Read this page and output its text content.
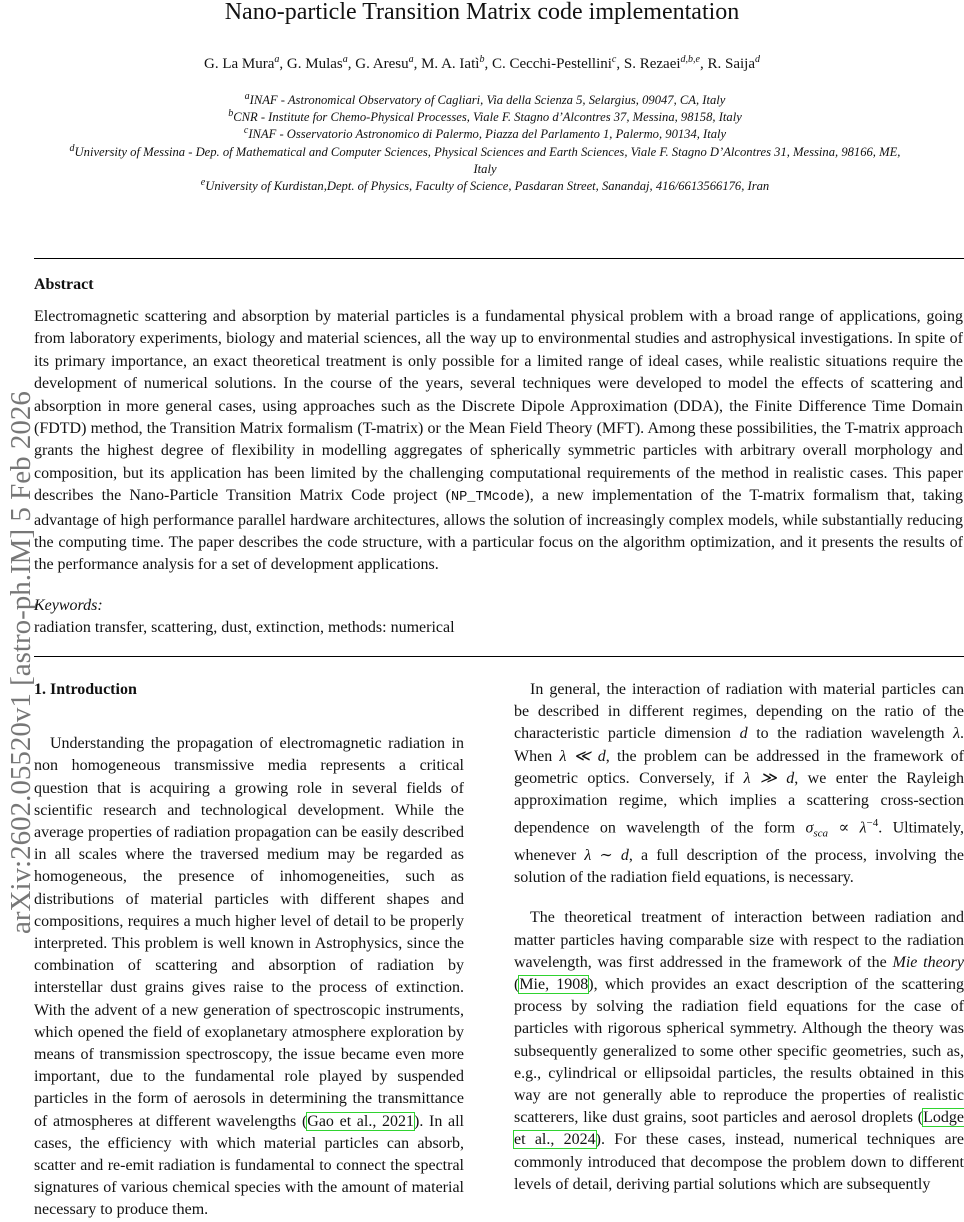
Nano-particle Transition Matrix code implementation
G. La Mura$^a$, G. Mulas$^a$, G. Aresu$^a$, M. A. Iatì$^b$, C. Cecchi-Pestellini$^c$, S. Rezaei$^{d,b,e}$, R. Saija$^d$
$^a$INAF - Astronomical Observatory of Cagliari, Via della Scienza 5, Selargius, 09047, CA, Italy
$^b$CNR - Institute for Chemo-Physical Processes, Viale F. Stagno d’Alcontres 37, Messina, 98158, Italy
$^c$INAF - Osservatorio Astronomico di Palermo, Piazza del Parlamento 1, Palermo, 90134, Italy
$^d$University of Messina - Dep. of Mathematical and Computer Sciences, Physical Sciences and Earth Sciences, Viale F. Stagno D’Alcontres 31, Messina, 98166, ME, Italy
$^e$University of Kurdistan,Dept. of Physics, Faculty of Science, Pasdaran Street, Sanandaj, 416/6613566176, Iran
arXiv:2602.05520v1 [astro-ph.IM] 5 Feb 2026
Abstract
Electromagnetic scattering and absorption by material particles is a fundamental physical problem with a broad range of applications, going from laboratory experiments, biology and material sciences, all the way up to environmental studies and astrophysical investigations. In spite of its primary importance, an exact theoretical treatment is only possible for a limited range of ideal cases, while realistic situations require the development of numerical solutions. In the course of the years, several techniques were developed to model the effects of scattering and absorption in more general cases, using approaches such as the Discrete Dipole Approximation (DDA), the Finite Difference Time Domain (FDTD) method, the Transition Matrix formalism (T-matrix) or the Mean Field Theory (MFT). Among these possibilities, the T-matrix approach grants the highest degree of flexibility in modelling aggregates of spherically symmetric particles with arbitrary overall morphology and composition, but its application has been limited by the challenging computational requirements of the method in realistic cases. This paper describes the Nano-Particle Transition Matrix Code project (NP_TMcode), a new implementation of the T-matrix formalism that, taking advantage of high performance parallel hardware architectures, allows the solution of increasingly complex models, while substantially reducing the computing time. The paper describes the code structure, with a particular focus on the algorithm optimization, and it presents the results of the performance analysis for a set of development applications.
Keywords:
radiation transfer, scattering, dust, extinction, methods: numerical
1. Introduction

Understanding the propagation of electromagnetic radiation in non homogeneous transmissive media represents a critical question that is acquiring a growing role in several fields of scientific research and technological development. While the average properties of radiation propagation can be easily described in all scales where the traversed medium may be regarded as homogeneous, the presence of inhomogeneities, such as distributions of material particles with different shapes and compositions, requires a much higher level of detail to be properly interpreted. This problem is well known in Astrophysics, since the combination of scattering and absorption of radiation by interstellar dust grains gives raise to the process of extinction. With the advent of a new generation of spectroscopic instruments, which opened the field of exoplanetary atmosphere exploration by means of transmission spectroscopy, the issue became even more important, due to the fundamental role played by suspended particles in the form of aerosols in determining the transmittance of atmospheres at different wavelengths (Gao et al., 2021). In all cases, the efficiency with which material particles can absorb, scatter and re-emit radiation is fundamental to connect the spectral signatures of various chemical species with the amount of material necessary to produce them.

In general, the interaction of radiation with material particles can be described in different regimes, depending on the ratio of the characteristic particle dimension d to the radiation wavelength λ. When λ ≪ d, the problem can be addressed in the framework of geometric optics. Conversely, if λ ≫ d, we enter the Rayleigh approximation regime, which implies a scattering cross-section dependence on wavelength of the form $\sigma_{sca} \propto \lambda^{-4}$. Ultimately, whenever λ ∼ d, a full description of the process, involving the solution of the radiation field equations, is necessary.

The theoretical treatment of interaction between radiation and matter particles having comparable size with respect to the radiation wavelength, was first addressed in the framework of the Mie theory (Mie, 1908), which provides an exact description of the scattering process by solving the radiation field equations for the case of particles with rigorous spherical symmetry. Although the theory was subsequently generalized to some other specific geometries, such as, e.g., cylindrical or ellipsoidal particles, the results obtained in this way are not generally able to reproduce the properties of realistic scatterers, like dust grains, soot particles and aerosol droplets (Lodge et al., 2024). For these cases, instead, numerical techniques are commonly introduced that decompose the problem down to different levels of detail, deriving partial solutions which are subsequently
